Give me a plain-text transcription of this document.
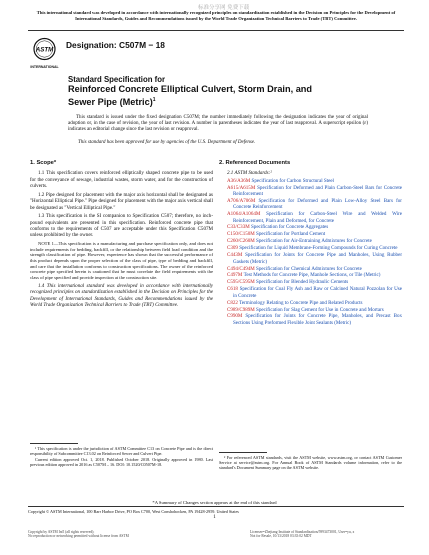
标准分享网 免费下载
This international standard was developed in accordance with internationally recognized principles on standardization established in the Decision on Principles for the Development of International Standards, Guides and Recommendations issued by the World Trade Organization Technical Barriers to Trade (TBT) Committee.
ASTM
INTERNATIONAL
Designation: C507M − 18
Standard Specification for
Reinforced Concrete Elliptical Culvert, Storm Drain, and
Sewer Pipe (Metric)$^1$

This standard is issued under the fixed designation C507M; the number immediately following the designation indicates the year of original adoption or, in the case of revision, the year of last revision. A number in parentheses indicates the year of last reapproval. A superscript epsilon (ε) indicates an editorial change since the last revision or reapproval.

This standard has been approved for use by agencies of the U.S. Department of Defense.
1. Scope*

1.1 This specification covers reinforced elliptically shaped concrete pipe to be used for the conveyance of sewage, industrial wastes, storm water, and for the construction of culverts.

1.2 Pipe designed for placement with the major axis horizontal shall be designated as "Horizontal Elliptical Pipe." Pipe designed for placement with the major axis vertical shall be designated as "Vertical Elliptical Pipe."

1.3 This specification is the SI companion to Specification C507; therefore, no inch-pound equivalents are presented in this specification. Reinforced concrete pipe that conforms to the requirements of C507 are acceptable under this Specification C507M unless prohibited by the owner.

NOTE 1—This specification is a manufacturing and purchase specification only, and does not include requirements for bedding, backfill, or the relationship between field load condition and the strength classification of pipe. However, experience has shown that the successful performance of this product depends upon the proper selection of the class of pipe, type of bedding and backfill, and care that the installation conforms to construction specifications. The owner of the reinforced concrete pipe specified herein is cautioned that he must correlate the field requirements with the class of pipe specified and provide inspection at the construction site.

1.4 This international standard was developed in accordance with internationally recognized principles on standardization established in the Decision on Principles for the Development of International Standards, Guides and Recommendations issued by the World Trade Organization Technical Barriers to Trade (TBT) Committee.

2. Referenced Documents
2.1 ASTM Standards:²
A36/A36M Specification for Carbon Structural Steel
A615/A615M Specification for Deformed and Plain Carbon-Steel Bars for Concrete Reinforcement
A706/A706M Specification for Deformed and Plain Low-Alloy Steel Bars for Concrete Reinforcement
A1064/A1064M Specification for Carbon-Steel Wire and Welded Wire Reinforcement, Plain and Deformed, for Concrete
C33/C33M Specification for Concrete Aggregates
C150/C150M Specification for Portland Cement
C260/C260M Specification for Air-Entraining Admixtures for Concrete
C309 Specification for Liquid Membrane-Forming Compounds for Curing Concrete
C443M Specification for Joints for Concrete Pipe and Manholes, Using Rubber Gaskets (Metric)
C494/C494M Specification for Chemical Admixtures for Concrete
C497M Test Methods for Concrete Pipe, Manhole Sections, or Tile (Metric)
C595/C595M Specification for Blended Hydraulic Cements
C618 Specification for Coal Fly Ash and Raw or Calcined Natural Pozzolan for Use in Concrete
C822 Terminology Relating to Concrete Pipe and Related Products
C989/C989M Specification for Slag Cement for Use in Concrete and Mortars
C990M Specification for Joints for Concrete Pipe, Manholes, and Precast Box Sections Using Preformed Flexible Joint Sealants (Metric)

¹ This specification is under the jurisdiction of ASTM Committee C13 on Concrete Pipe and is the direct responsibility of Subcommittee C13.02 on Reinforced Sewer and Culvert Pipe.

Current edition approved Oct. 1, 2018. Published October 2018. Originally approved in 1980. Last previous edition approved in 2016 as C507M – 16. DOI: 10.1520/C0507M-18.

² For referenced ASTM standards, visit the ASTM website, www.astm.org, or contact ASTM Customer Service at service@astm.org. For Annual Book of ASTM Standards volume information, refer to the standard's Document Summary page on the ASTM website.

*A Summary of Changes section appears at the end of this standard
Copyright © ASTM International, 100 Barr Harbor Drive, PO Box C700, West Conshohocken, PA 19428-2959. United States
1
Copyright by ASTM Int'l (all rights reserved);
No reproduction or networking permitted without license from ASTM
Licensee=Zhejiang Institute of Standardization/5993473001, User=yu, x
Not for Resale, 10/13/2018 03:35:02 MDT
